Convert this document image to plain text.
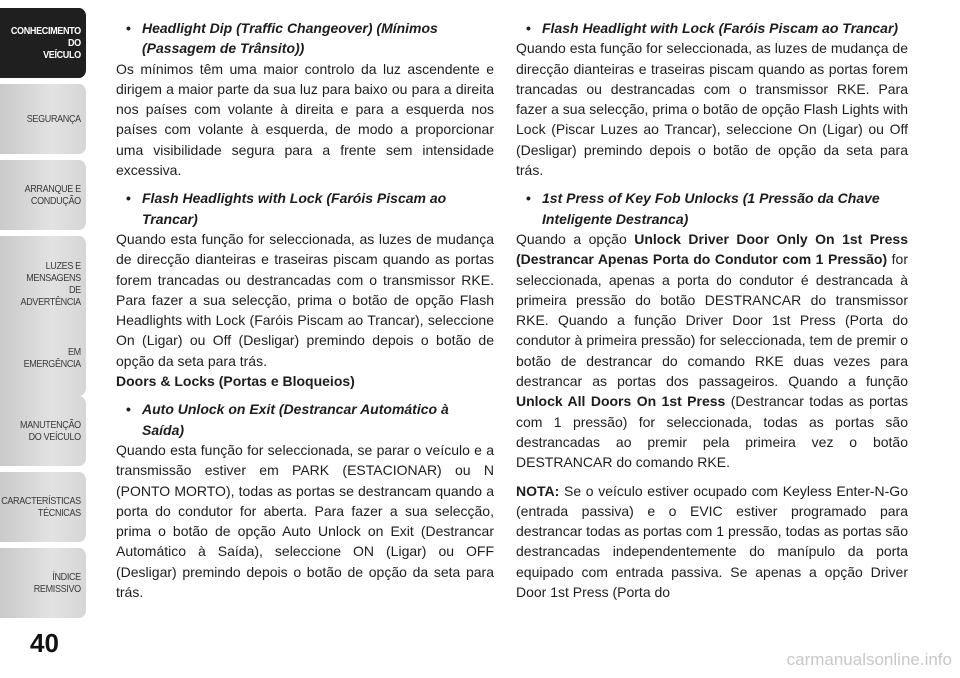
CONHECIMENTO
DO
VEÍCULO
SEGURANÇA
ARRANQUE E
CONDUÇÃO
LUZES E
MENSAGENS
DE
ADVERTÊNCIA
EM
EMERGÊNCIA
MANUTENÇÃO
DO VEÍCULO
CARACTERÍSTICAS
TÉCNICAS
ÍNDICE
REMISSIVO
40

• Headlight Dip (Traffic Changeover) (Mínimos (Passagem de Trânsito))

Os mínimos têm uma maior controlo da luz ascendente e dirigem a maior parte da sua luz para baixo ou para a direita nos países com volante à direita e para a esquerda nos países com volante à esquerda, de modo a proporcionar uma visibilidade segura para a frente sem intensidade excessiva.

• Flash Headlights with Lock (Faróis Piscam ao Trancar)

Quando esta função for seleccionada, as luzes de mudança de direcção dianteiras e traseiras piscam quando as portas forem trancadas ou destrancadas com o transmissor RKE. Para fazer a sua selecção, prima o botão de opção Flash Headlights with Lock (Faróis Piscam ao Trancar), seleccione On (Ligar) ou Off (Desligar) premindo depois o botão de opção da seta para trás.

Doors & Locks (Portas e Bloqueios)

• Auto Unlock on Exit (Destrancar Automático à Saída)

Quando esta função for seleccionada, se parar o veículo e a transmissão estiver em PARK (ESTACIONAR) ou N (PONTO MORTO), todas as portas se destrancam quando a porta do condutor for aberta. Para fazer a sua selecção, prima o botão de opção Auto Unlock on Exit (Destrancar Automático à Saída), seleccione ON (Ligar) ou OFF (Desligar) premindo depois o botão de opção da seta para trás.

• Flash Headlight with Lock (Faróis Piscam ao Trancar)

Quando esta função for seleccionada, as luzes de mudança de direcção dianteiras e traseiras piscam quando as portas forem trancadas ou destrancadas com o transmissor RKE. Para fazer a sua selecção, prima o botão de opção Flash Lights with Lock (Piscar Luzes ao Trancar), seleccione On (Ligar) ou Off (Desligar) premindo depois o botão de opção da seta para trás.

• 1st Press of Key Fob Unlocks (1 Pressão da Chave Inteligente Destranca)

Quando a opção Unlock Driver Door Only On 1st Press (Destrancar Apenas Porta do Condutor com 1 Pressão) for seleccionada, apenas a porta do condutor é destrancada à primeira pressão do botão DESTRANCAR do transmissor RKE. Quando a função Driver Door 1st Press (Porta do condutor à primeira pressão) for seleccionada, tem de premir o botão de destrancar do comando RKE duas vezes para destrancar as portas dos passageiros. Quando a função Unlock All Doors On 1st Press (Destrancar todas as portas com 1 pressão) for seleccionada, todas as portas são destrancadas ao premir pela primeira vez o botão DESTRANCAR do comando RKE.

NOTA: Se o veículo estiver ocupado com Keyless Enter-N-Go (entrada passiva) e o EVIC estiver programado para destrancar todas as portas com 1 pressão, todas as portas são destrancadas independentemente do manípulo da porta equipado com entrada passiva. Se apenas a opção Driver Door 1st Press (Porta do

carmanualsonline.info
